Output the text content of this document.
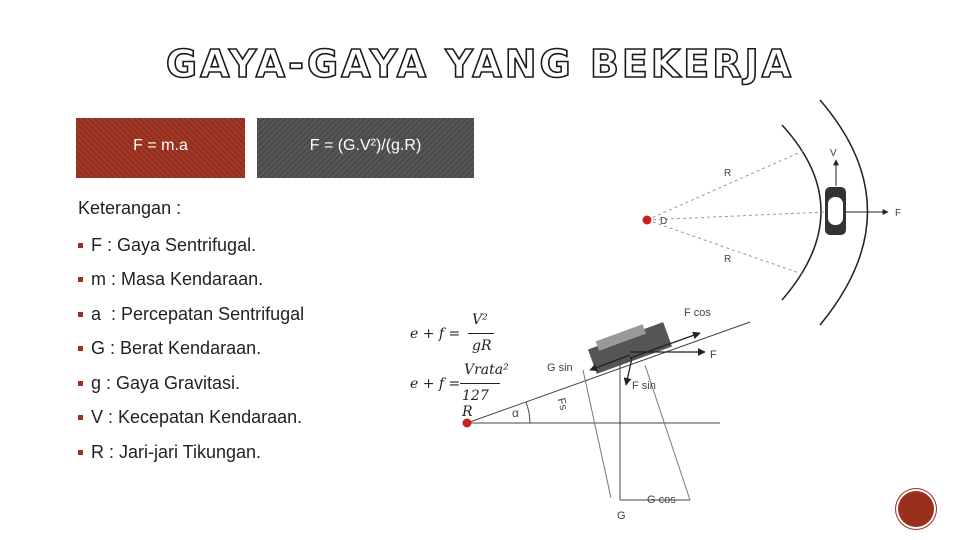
GAYA-GAYA YANG BEKERJA
F = m.a	F = (G.V²)/(g.R)
Keterangan :
F : Gaya Sentrifugal.
m : Masa Kendaraan.
a  : Percepatan Sentrifugal
G : Berat Kendaraan.
g : Gaya Gravitasi.
V : Kecepatan Kendaraan.
R : Jari-jari Tikungan.
V
F
D
R
R
F cos
G sin
F
F sin
Fs
α
G cos
G
e + f =
V²
gR
e + f =
Vrata²
127 R
